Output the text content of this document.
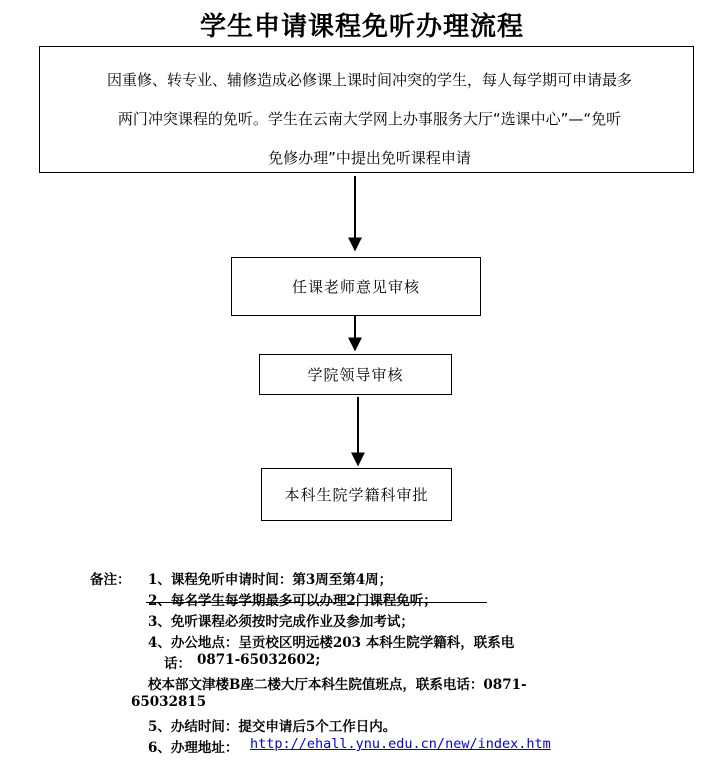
学生申请课程免听办理流程
因重修、转专业、辅修造成必修课上课时间冲突的学生，每人每学期可申请最多
两门冲突课程的免听。学生在云南大学网上办事服务大厅“选课中心”—“免听
免修办理”中提出免听课程申请
任课老师意见审核
学院领导审核
本科生院学籍科审批
备注： 1、课程免听申请时间：第3周至第4周；
2、每名学生每学期最多可以办理2门课程免听；
3、免听课程必须按时完成作业及参加考试；
4、办公地点：呈贡校区明远楼203 本科生院学籍科，联系电
话： 0871-65032602;
校本部文津楼B座二楼大厅本科生院值班点，联系电话：0871-
65032815
5、办结时间：提交申请后5个工作日内。
6、办理地址： http://ehall.ynu.edu.cn/new/index.htm
